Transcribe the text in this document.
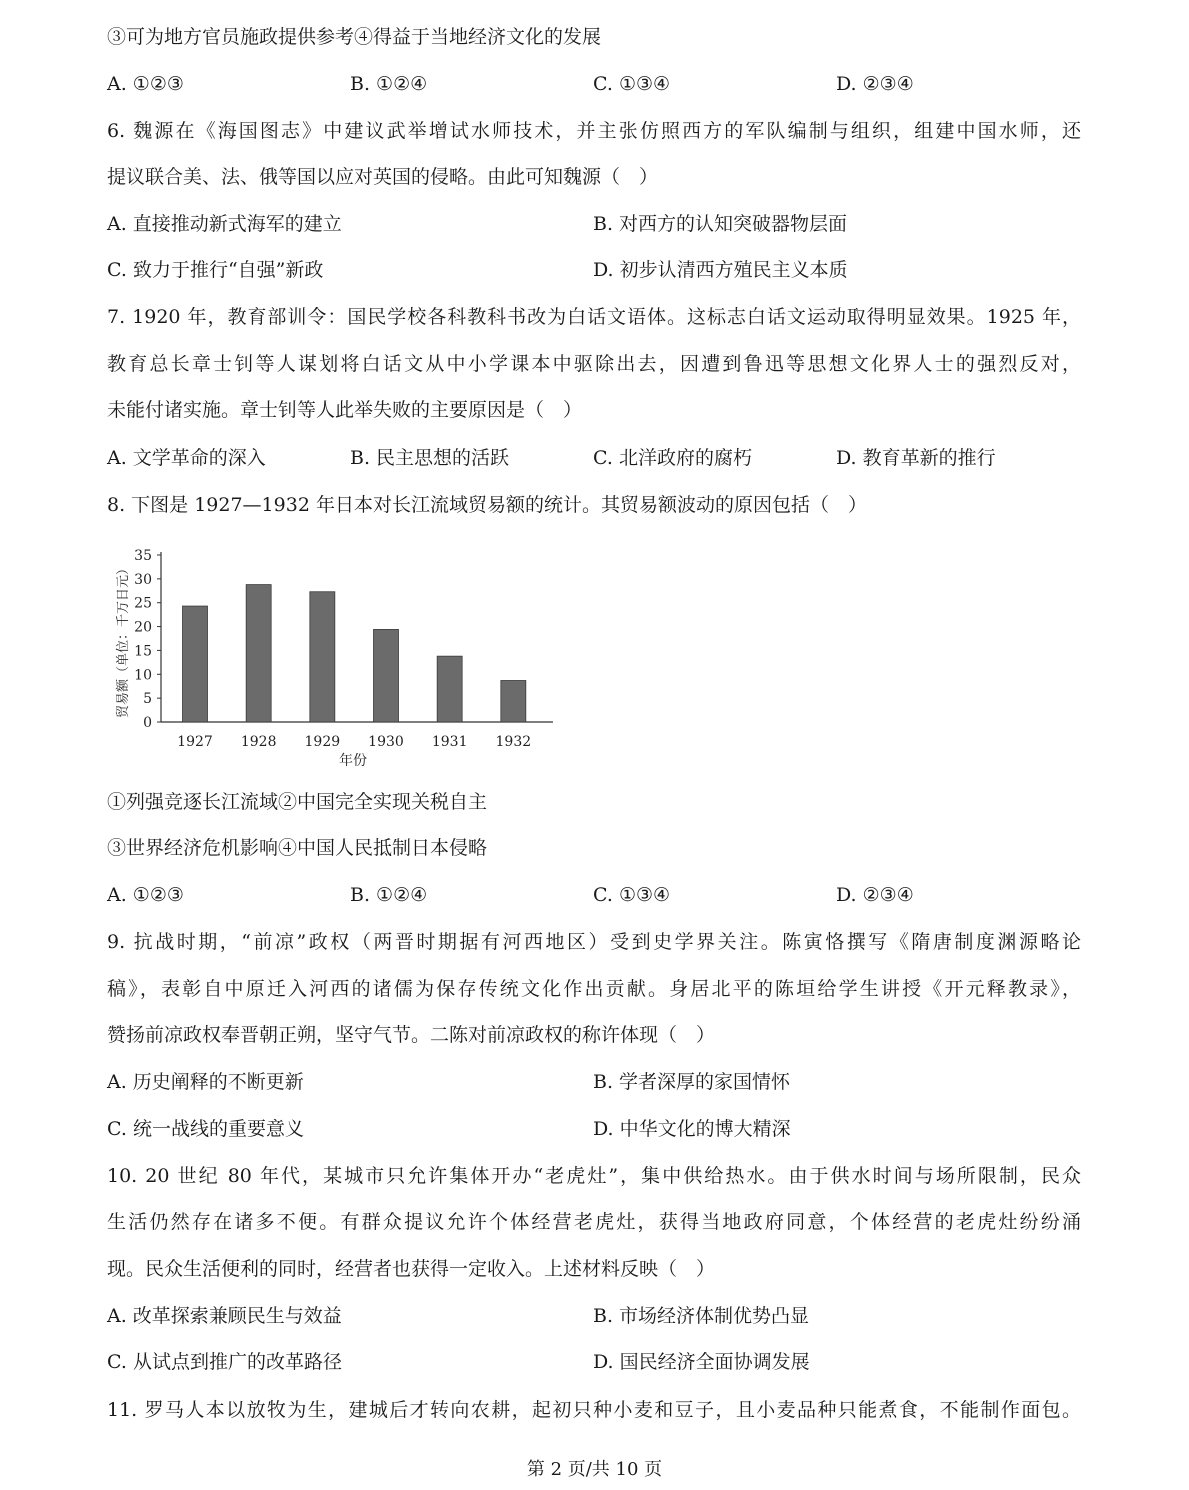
③可为地方官员施政提供参考④得益于当地经济文化的发展
A. ①②③	B. ①②④	C. ①③④	D. ②③④
6. 魏源在《海国图志》中建议武举增试水师技术，并主张仿照西方的军队编制与组织，组建中国水师，还
提议联合美、法、俄等国以应对英国的侵略。由此可知魏源（　）
A. 直接推动新式海军的建立	B. 对西方的认知突破器物层面
C. 致力于推行“自强”新政	D. 初步认清西方殖民主义本质
7. 1920 年，教育部训令：国民学校各科教科书改为白话文语体。这标志白话文运动取得明显效果。1925 年，
教育总长章士钊等人谋划将白话文从中小学课本中驱除出去，因遭到鲁迅等思想文化界人士的强烈反对，
未能付诸实施。章士钊等人此举失败的主要原因是（　）
A. 文学革命的深入	B. 民主思想的活跃	C. 北洋政府的腐朽	D. 教育革新的推行
8. 下图是 1927—1932 年日本对长江流域贸易额的统计。其贸易额波动的原因包括（　）
0
5
10
15
20
25
30
35
1927 1928 1929 1930 1931 1932
年份
贸易额（单位：千万日元）
①列强竞逐长江流域②中国完全实现关税自主
③世界经济危机影响④中国人民抵制日本侵略
A. ①②③	B. ①②④	C. ①③④	D. ②③④
9. 抗战时期，“前凉”政权（两晋时期据有河西地区）受到史学界关注。陈寅恪撰写《隋唐制度渊源略论
稿》，表彰自中原迁入河西的诸儒为保存传统文化作出贡献。身居北平的陈垣给学生讲授《开元释教录》，
赞扬前凉政权奉晋朝正朔，坚守气节。二陈对前凉政权的称许体现（　）
A. 历史阐释的不断更新	B. 学者深厚的家国情怀
C. 统一战线的重要意义	D. 中华文化的博大精深
10. 20 世纪 80 年代，某城市只允许集体开办“老虎灶”，集中供给热水。由于供水时间与场所限制，民众
生活仍然存在诸多不便。有群众提议允许个体经营老虎灶，获得当地政府同意，个体经营的老虎灶纷纷涌
现。民众生活便利的同时，经营者也获得一定收入。上述材料反映（　）
A. 改革探索兼顾民生与效益	B. 市场经济体制优势凸显
C. 从试点到推广的改革路径	D. 国民经济全面协调发展
11. 罗马人本以放牧为生，建城后才转向农耕，起初只种小麦和豆子，且小麦品种只能煮食，不能制作面包。
第 2 页/共 10 页
